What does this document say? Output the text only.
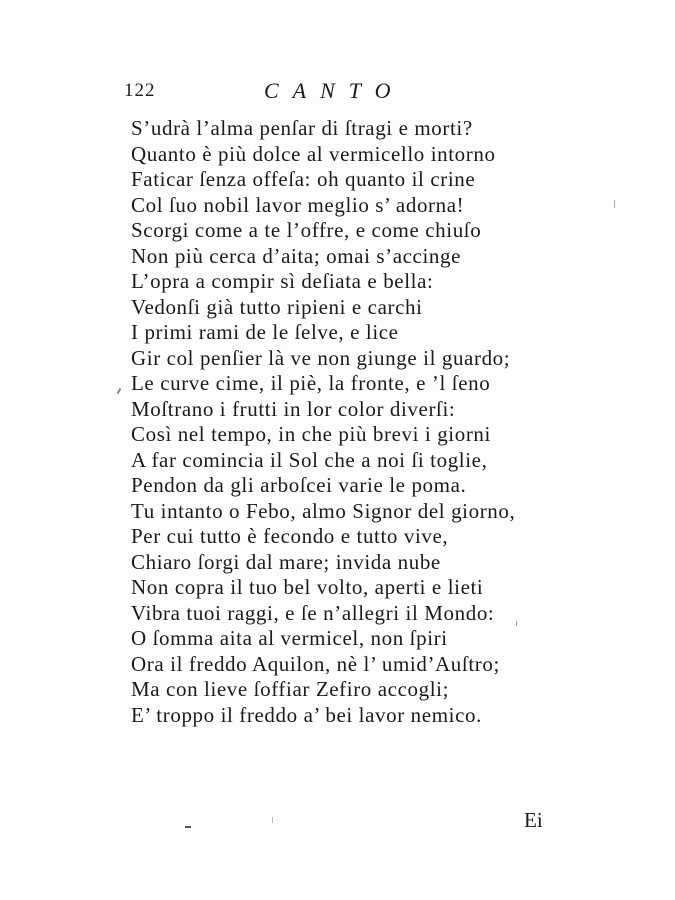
122	CANTO
S’udrà l’alma penſar di ſtragi e morti?
Quanto è più dolce al vermicello intorno
Faticar ſenza offeſa: oh quanto il crine
Col ſuo nobil lavor meglio s’ adorna!
Scorgi come a te l’offre, e come chiuſo
Non più cerca d’aita; omai s’accinge
L’opra a compir sì deſiata e bella:
Vedonſi già tutto ripieni e carchi
I primi rami de le ſelve, e lice
Gir col penſier là ve non giunge il guardo;
Le curve cime, il piè, la fronte, e ’l ſeno
Moſtrano i frutti in lor color diverſi:
Così nel tempo, in che più brevi i giorni
A far comincia il Sol che a noi ſi toglie,
Pendon da gli arboſcei varie le poma.
Tu intanto o Febo, almo Signor del giorno,
Per cui tutto è fecondo e tutto vive,
Chiaro ſorgi dal mare; invida nube
Non copra il tuo bel volto, aperti e lieti
Vibra tuoi raggi, e ſe n’allegri il Mondo:
O ſomma aita al vermicel, non ſpiri
Ora il freddo Aquilon, nè l’ umid’Auſtro;
Ma con lieve ſoffiar Zefiro accogli;
E’ troppo il freddo a’ bei lavor nemico.
Ei
